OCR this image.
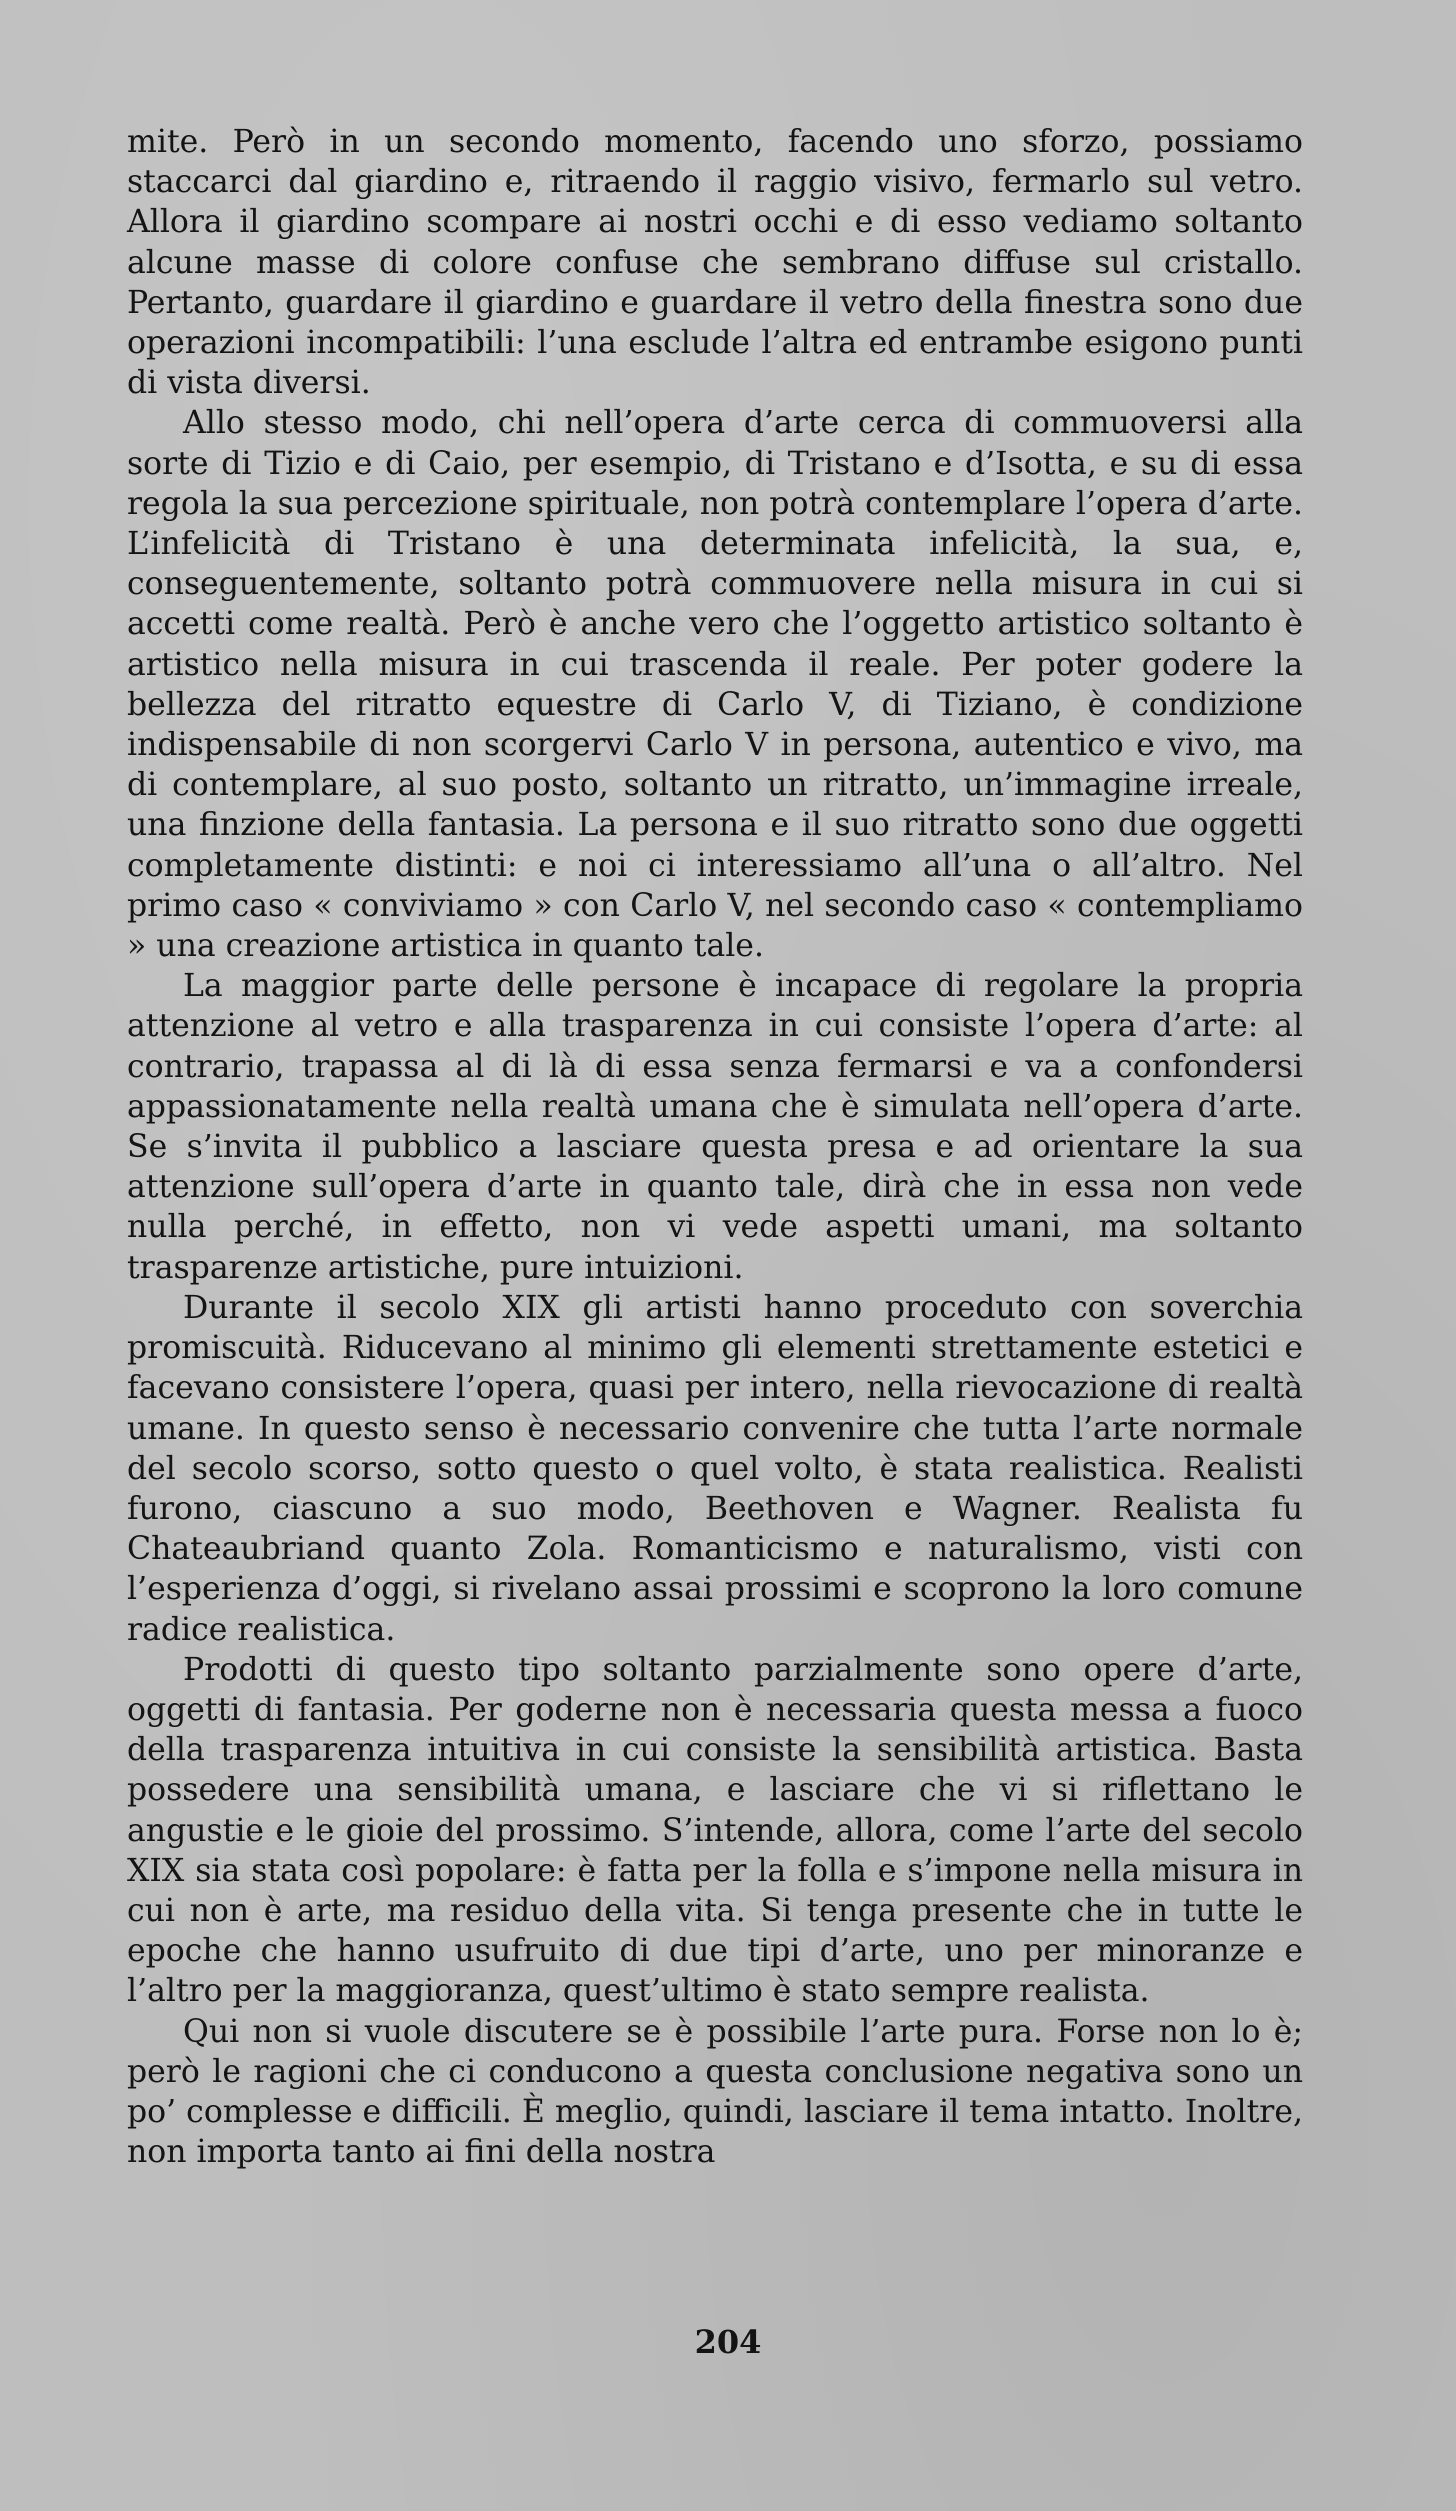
mite. Però in un secondo momento, facendo uno sforzo, possiamo staccarci dal giardino e, ritraendo il raggio visivo, fermarlo sul vetro. Allora il giardino scompare ai nostri occhi e di esso vediamo soltanto alcune masse di colore confuse che sembrano diffuse sul cristallo. Pertanto, guardare il giardino e guardare il vetro della finestra sono due operazioni incompatibili: l’una esclude l’altra ed entrambe esigono punti di vista diversi.

Allo stesso modo, chi nell’opera d’arte cerca di commuoversi alla sorte di Tizio e di Caio, per esempio, di Tristano e d’Isotta, e su di essa regola la sua percezione spirituale, non potrà contemplare l’opera d’arte. L’infelicità di Tristano è una determinata infelicità, la sua, e, conseguentemente, soltanto potrà commuovere nella misura in cui si accetti come realtà. Però è anche vero che l’oggetto artistico soltanto è artistico nella misura in cui trascenda il reale. Per poter godere la bellezza del ritratto equestre di Carlo V, di Tiziano, è condizione indispensabile di non scorgervi Carlo V in persona, autentico e vivo, ma di contemplare, al suo posto, soltanto un ritratto, un’immagine irreale, una finzione della fantasia. La persona e il suo ritratto sono due oggetti completamente distinti: e noi ci interessiamo all’una o all’altro. Nel primo caso « conviviamo » con Carlo V, nel secondo caso « contempliamo » una creazione artistica in quanto tale.

La maggior parte delle persone è incapace di regolare la propria attenzione al vetro e alla trasparenza in cui consiste l’opera d’arte: al contrario, trapassa al di là di essa senza fermarsi e va a confondersi appassionatamente nella realtà umana che è simulata nell’opera d’arte. Se s’invita il pubblico a lasciare questa presa e ad orientare la sua attenzione sull’opera d’arte in quanto tale, dirà che in essa non vede nulla perché, in effetto, non vi vede aspetti umani, ma soltanto trasparenze artistiche, pure intuizioni.

Durante il secolo XIX gli artisti hanno proceduto con soverchia promiscuità. Riducevano al minimo gli elementi strettamente estetici e facevano consistere l’opera, quasi per intero, nella rievocazione di realtà umane. In questo senso è necessario convenire che tutta l’arte normale del secolo scorso, sotto questo o quel volto, è stata realistica. Realisti furono, ciascuno a suo modo, Beethoven e Wagner. Realista fu Chateaubriand quanto Zola. Romanticismo e naturalismo, visti con l’esperienza d’oggi, si rivelano assai prossimi e scoprono la loro comune radice realistica.

Prodotti di questo tipo soltanto parzialmente sono opere d’arte, oggetti di fantasia. Per goderne non è necessaria questa messa a fuoco della trasparenza intuitiva in cui consiste la sensibilità artistica. Basta possedere una sensibilità umana, e lasciare che vi si riflettano le angustie e le gioie del prossimo. S’intende, allora, come l’arte del secolo XIX sia stata così popolare: è fatta per la folla e s’impone nella misura in cui non è arte, ma residuo della vita. Si tenga presente che in tutte le epoche che hanno usufruito di due tipi d’arte, uno per minoranze e l’altro per la maggioranza, quest’ultimo è stato sempre realista.

Qui non si vuole discutere se è possibile l’arte pura. Forse non lo è; però le ragioni che ci conducono a questa conclusione negativa sono un po’ complesse e difficili. È meglio, quindi, lasciare il tema intatto. Inoltre, non importa tanto ai fini della nostra

204
